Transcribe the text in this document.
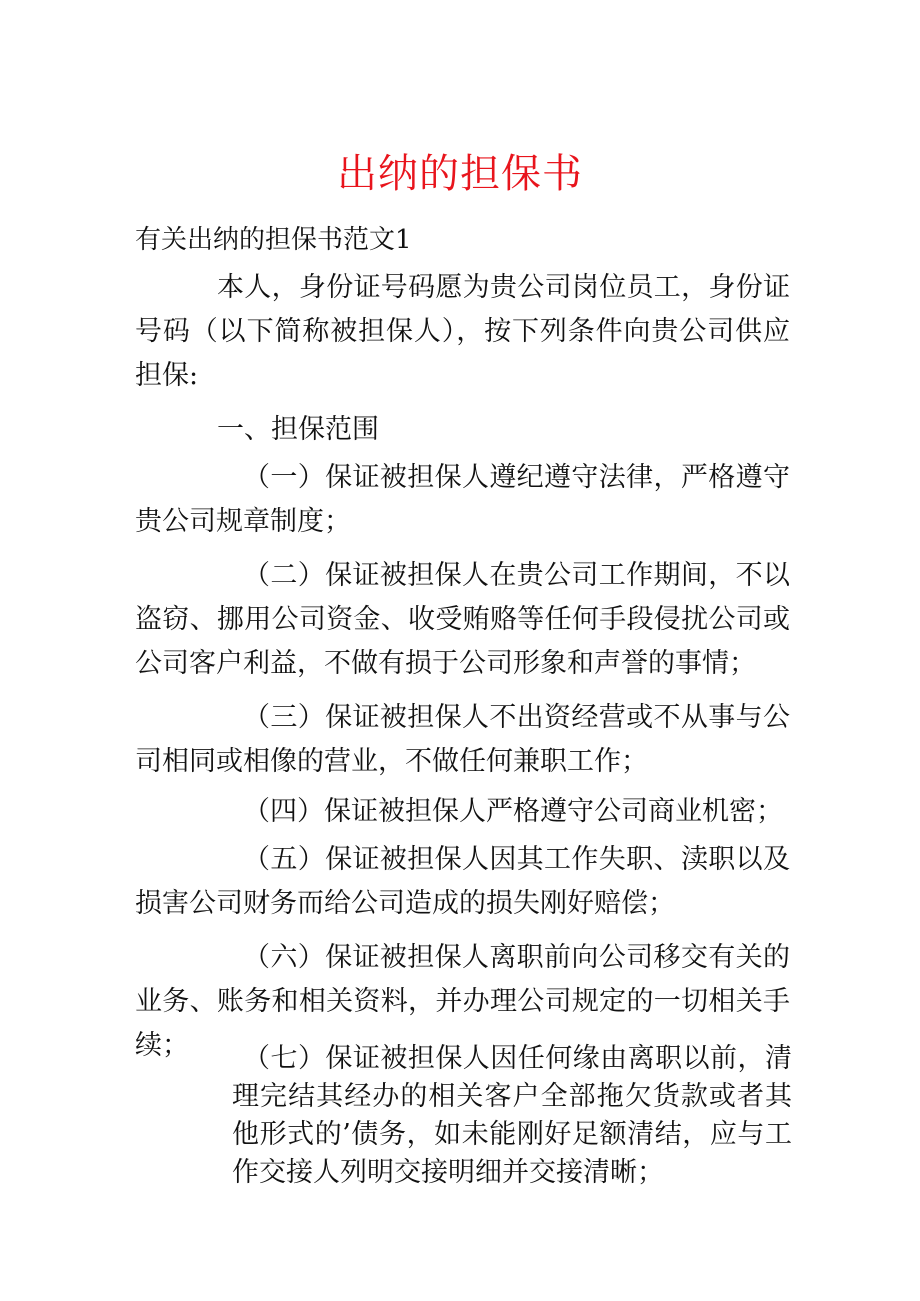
出纳的担保书
有关出纳的担保书范文1

本人，身份证号码愿为贵公司岗位员工，身份证号码（以下简称被担保人），按下列条件向贵公司供应担保:

一、担保范围

（一）保证被担保人遵纪遵守法律，严格遵守贵公司规章制度；

（二）保证被担保人在贵公司工作期间，不以盗窃、挪用公司资金、收受贿赂等任何手段侵扰公司或公司客户利益，不做有损于公司形象和声誉的事情；

（三）保证被担保人不出资经营或不从事与公司相同或相像的营业，不做任何兼职工作；

（四）保证被担保人严格遵守公司商业机密；

（五）保证被担保人因其工作失职、渎职以及损害公司财务而给公司造成的损失刚好赔偿；

（六）保证被担保人离职前向公司移交有关的业务、账务和相关资料，并办理公司规定的一切相关手续；	（七）保证被担保人因任何缘由离职以前，清理完结其经办的相关客户全部拖欠货款或者其他形式的’债务，如未能刚好足额清结，应与工作交接人列明交接明细并交接清晰；
